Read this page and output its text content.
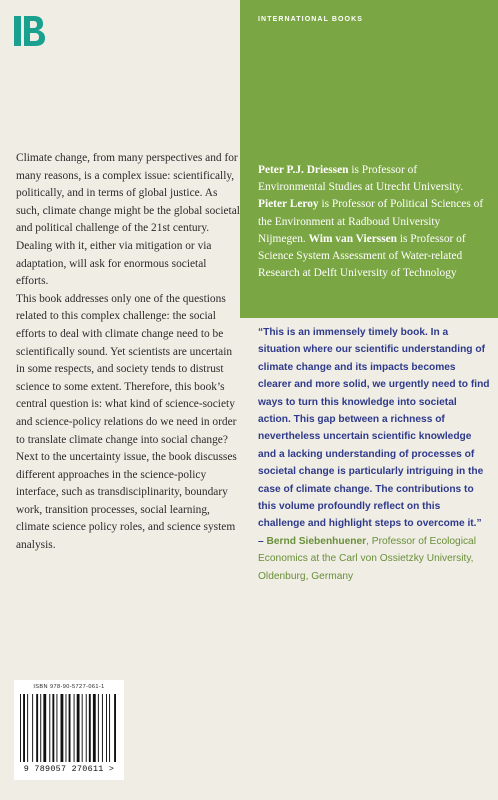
INTERNATIONAL BOOKS
Peter P.J. Driessen is Professor of Environmental Studies at Utrecht University. Pieter Leroy is Professor of Political Sciences of the Environment at Radboud University Nijmegen. Wim van Vierssen is Professor of Science System Assessment of Water-related Research at Delft University of Technology

Climate change, from many perspectives and for many reasons, is a complex issue: scientifically, politically, and in terms of global justice. As such, climate change might be the global societal and political challenge of the 21st century. Dealing with it, either via mitigation or via adaptation, will ask for enormous societal efforts.

This book addresses only one of the questions related to this complex challenge: the social efforts to deal with climate change need to be scientifically sound. Yet scientists are uncertain in some respects, and society tends to distrust science to some extent. Therefore, this book’s central question is: what kind of science-society and science-policy relations do we need in order to translate climate change into social change? Next to the uncertainty issue, the book discusses different approaches in the science-policy interface, such as transdisciplinarity, boundary work, transition processes, social learning, climate science policy roles, and science system analysis.

“This is an immensely timely book. In a situation where our scientific understanding of climate change and its impacts becomes clearer and more solid, we urgently need to find ways to turn this knowledge into societal action. This gap between a richness of nevertheless uncertain scientific knowledge and a lacking understanding of processes of societal change is particularly intriguing in the case of climate change. The contributions to this volume profoundly reflect on this challenge and highlight steps to overcome it.” – Bernd Siebenhuener, Professor of Ecological Economics at the Carl von Ossietzky University, Oldenburg, Germany
ISBN 978-90-5727-061-1
9 789057 270611 >
